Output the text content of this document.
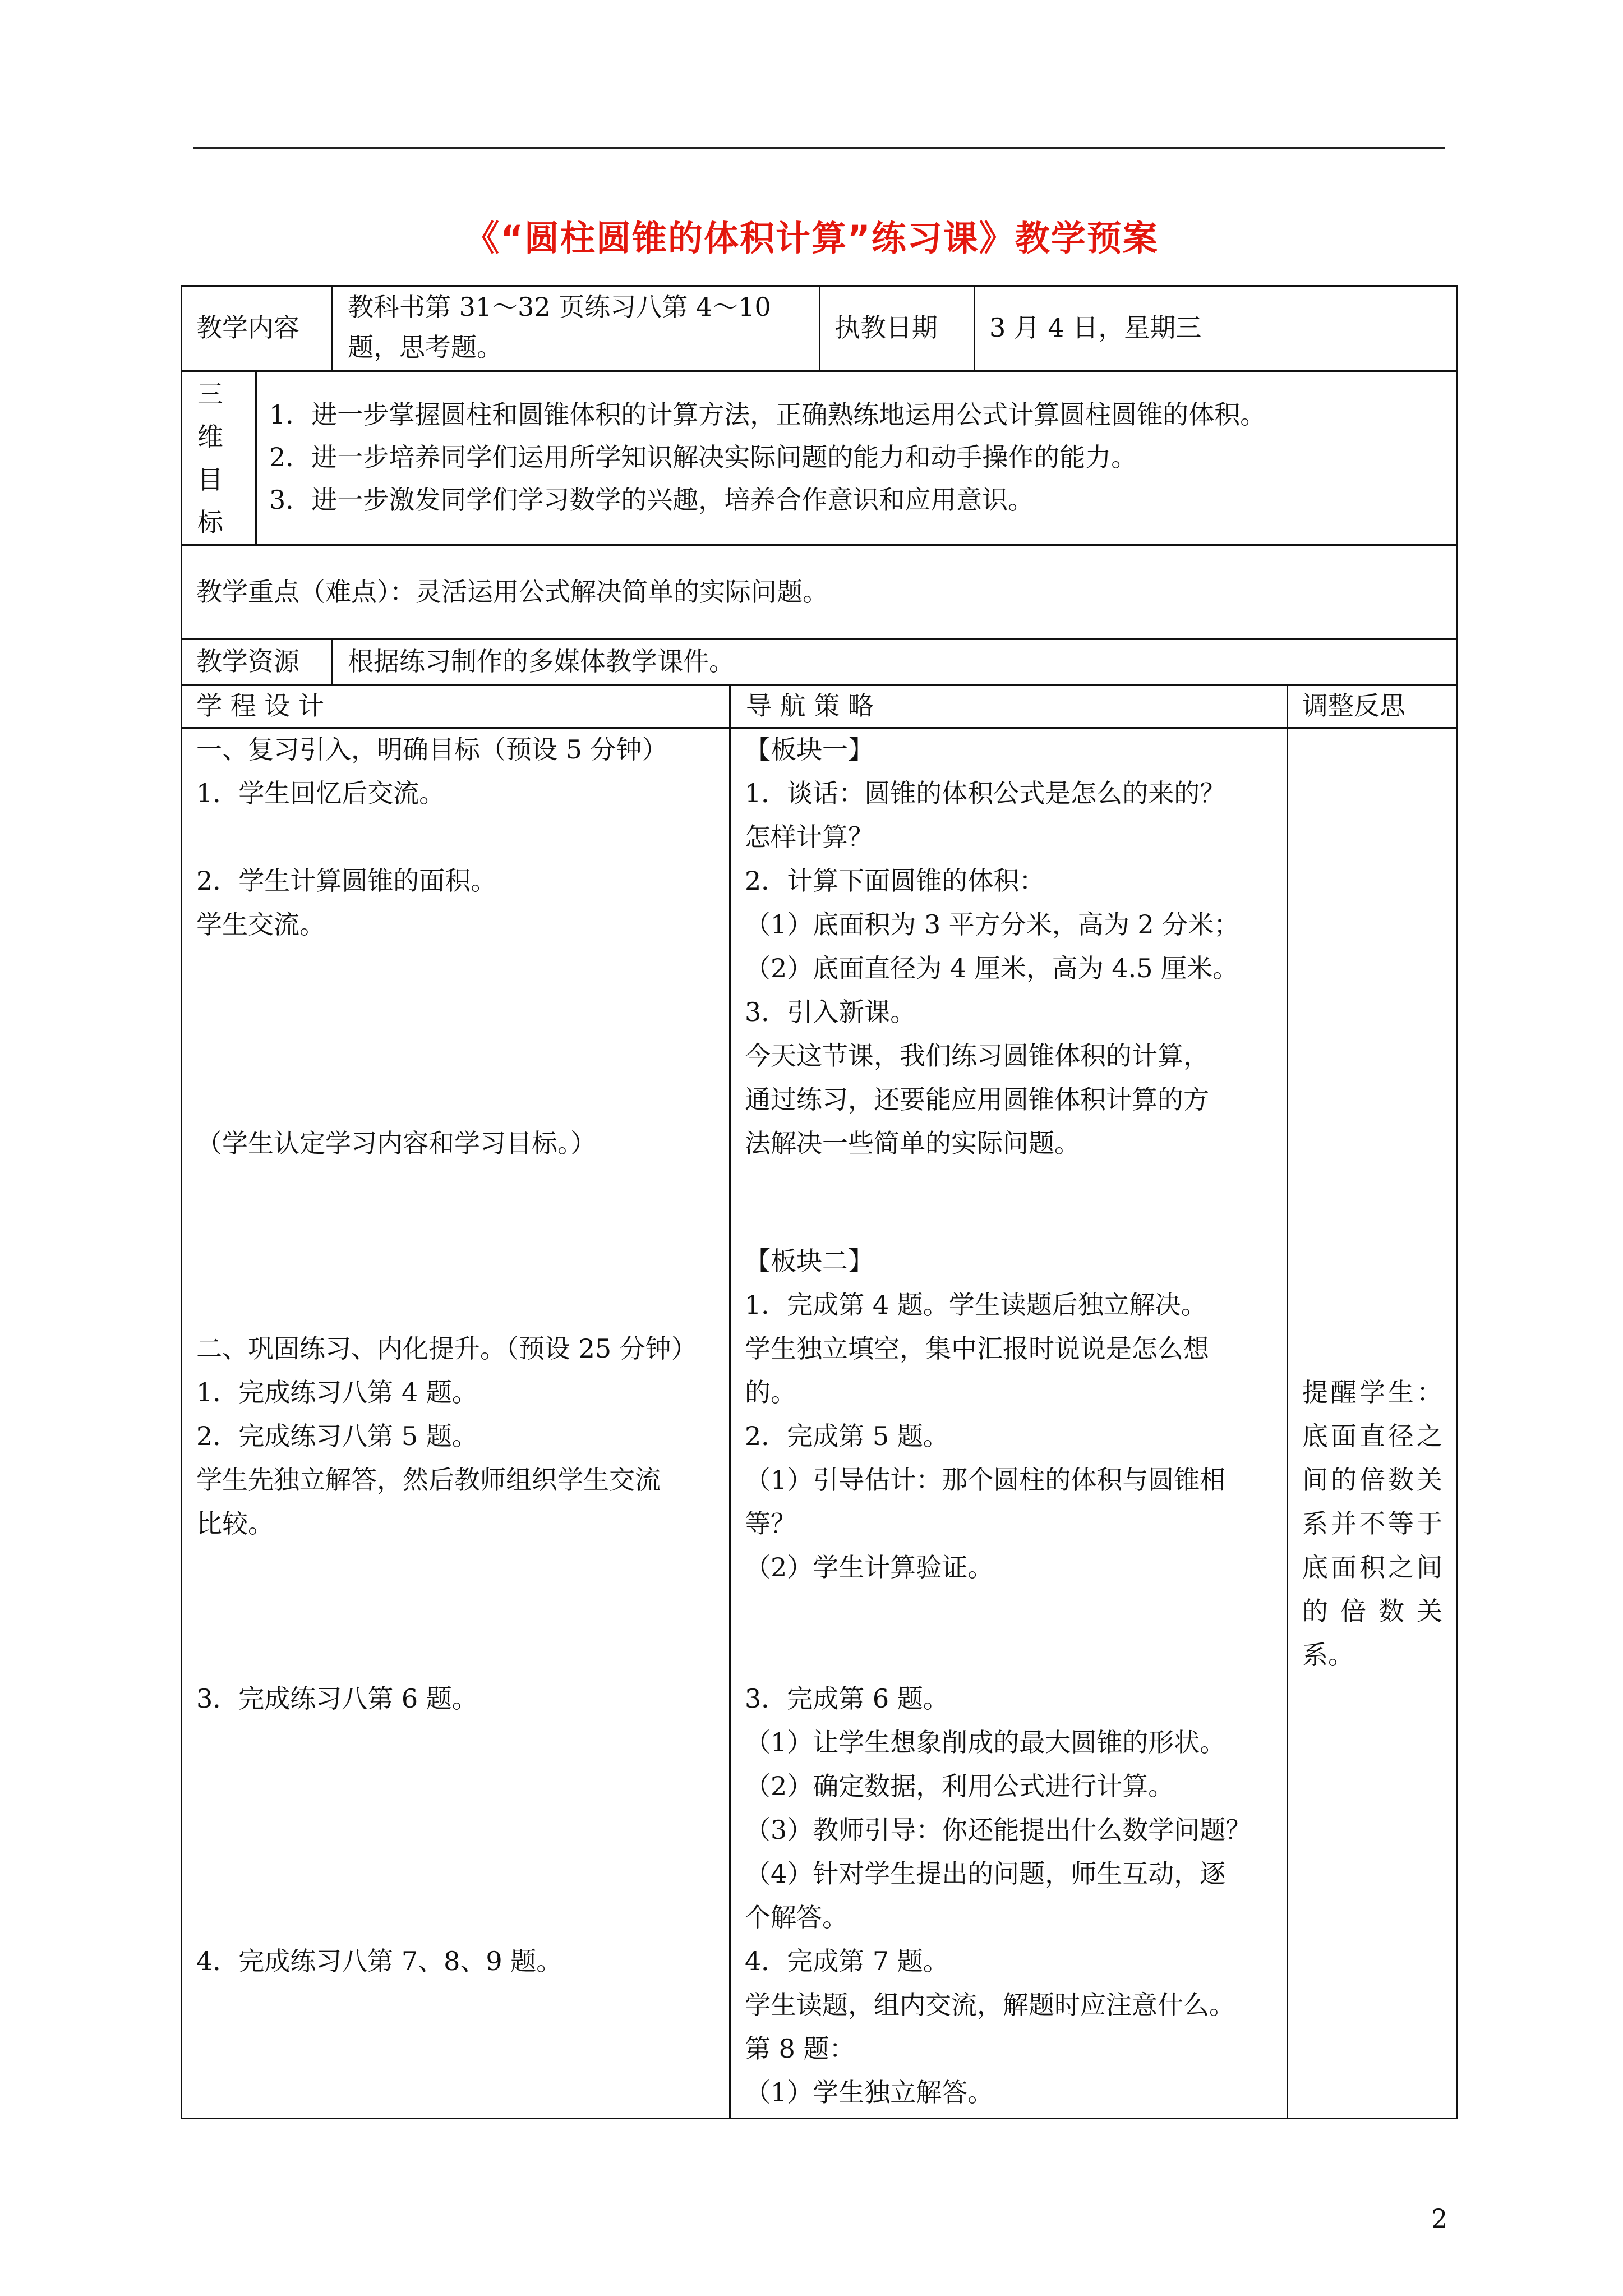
《“圆柱圆锥的体积计算”练习课》教学预案
教学内容
教科书第 31～32 页练习八第 4～10
题，思考题。
执教日期 3 月 4 日，星期三
三
维
目
标
1．进一步掌握圆柱和圆锥体积的计算方法，正确熟练地运用公式计算圆柱圆锥的体积。
2．进一步培养同学们运用所学知识解决实际问题的能力和动手操作的能力。
3．进一步激发同学们学习数学的兴趣，培养合作意识和应用意识。
教学重点（难点）：灵活运用公式解决简单的实际问题。
教学资源 根据练习制作的多媒体教学课件。
学 程 设 计	导 航 策 略	调整反思
一、复习引入，明确目标（预设 5 分钟）
1．学生回忆后交流。
2．学生计算圆锥的面积。
学生交流。
（学生认定学习内容和学习目标。）
二、巩固练习、内化提升。（预设 25 分钟）
1．完成练习八第 4 题。
2．完成练习八第 5 题。
学生先独立解答，然后教师组织学生交流
比较。
3．完成练习八第 6 题。
4．完成练习八第 7、8、9 题。
【板块一】
1．谈话：圆锥的体积公式是怎么的来的？
怎样计算？
2．计算下面圆锥的体积：
（1）底面积为 3 平方分米，高为 2 分米；
（2）底面直径为 4 厘米，高为 4.5 厘米。
3．引入新课。
今天这节课，我们练习圆锥体积的计算，
通过练习，还要能应用圆锥体积计算的方
法解决一些简单的实际问题。
【板块二】
1．完成第 4 题。学生读题后独立解决。
学生独立填空，集中汇报时说说是怎么想
的。
2．完成第 5 题。
（1）引导估计：那个圆柱的体积与圆锥相
等？
（2）学生计算验证。
3．完成第 6 题。
（1）让学生想象削成的最大圆锥的形状。
（2）确定数据，利用公式进行计算。
（3）教师引导：你还能提出什么数学问题？
（4）针对学生提出的问题，师生互动，逐
个解答。
4．完成第 7 题。
学生读题，组内交流，解题时应注意什么。
第 8 题：
（1）学生独立解答。
提醒学生：底面直径之间的倍数关系并不等于底面积之间的倍数关系。
2
